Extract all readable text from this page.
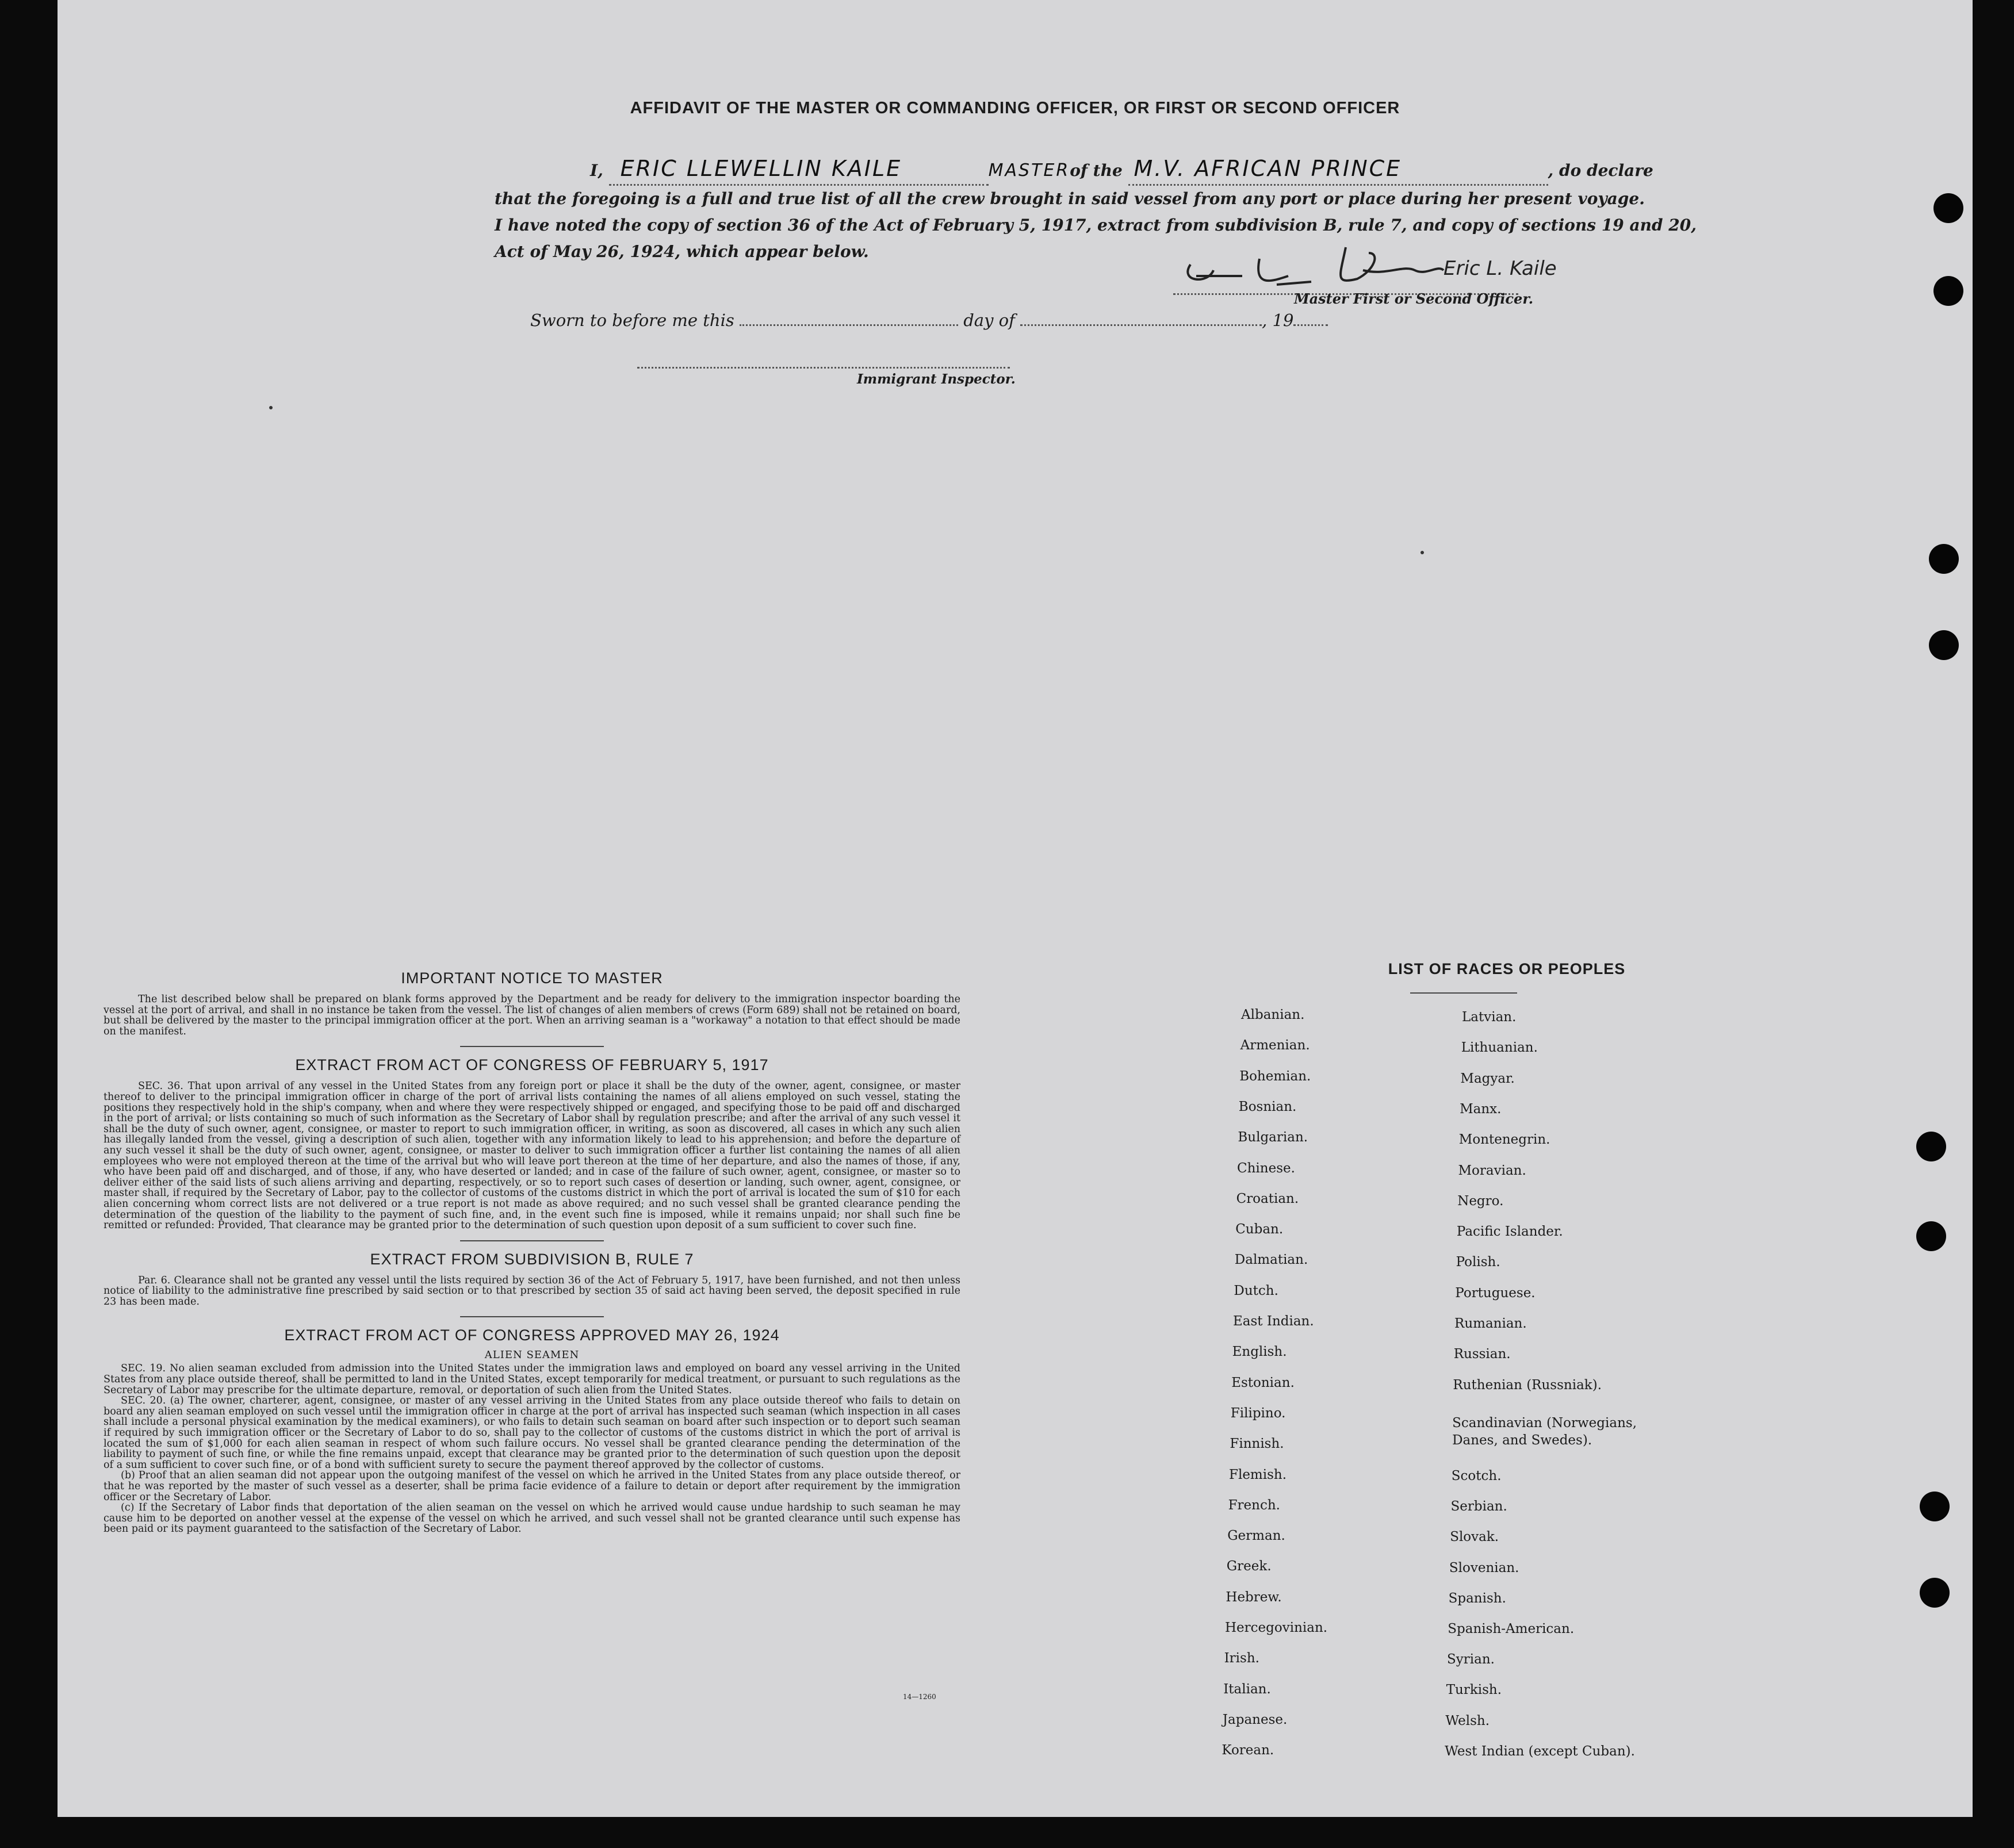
AFFIDAVIT OF THE MASTER OR COMMANDING OFFICER, OR FIRST OR SECOND OFFICER
I, ERIC LLEWELLIN KAILE	MASTERof the M.V. AFRICAN PRINCE	, do declare
that the foregoing is a full and true list of all the crew brought in said vessel from any port or place during her present voyage.
I have noted the copy of section 36 of the Act of February 5, 1917, extract from subdivision B, rule 7, and copy of sections 19 and 20,
Act of May 26, 1924, which appear below.
Eric L. Kaile
Master First or Second Officer.
Sworn to before me this	day of	, 19
Immigrant Inspector.
IMPORTANT NOTICE TO MASTER

The list described below shall be prepared on blank forms approved by the Department and be ready for delivery to the immigration inspector boarding the vessel at the port of arrival, and shall in no instance be taken from the vessel. The list of changes of alien members of crews (Form 689) shall not be retained on board, but shall be delivered by the master to the principal immigration officer at the port. When an arriving seaman is a "workaway" a notation to that effect should be made on the manifest.

EXTRACT FROM ACT OF CONGRESS OF FEBRUARY 5, 1917

SEC. 36. That upon arrival of any vessel in the United States from any foreign port or place it shall be the duty of the owner, agent, consignee, or master thereof to deliver to the principal immigration officer in charge of the port of arrival lists containing the names of all aliens employed on such vessel, stating the positions they respectively hold in the ship's company, when and where they were respectively shipped or engaged, and specifying those to be paid off and discharged in the port of arrival; or lists containing so much of such information as the Secretary of Labor shall by regulation prescribe; and after the arrival of any such vessel it shall be the duty of such owner, agent, consignee, or master to report to such immigration officer, in writing, as soon as discovered, all cases in which any such alien has illegally landed from the vessel, giving a description of such alien, together with any information likely to lead to his apprehension; and before the departure of any such vessel it shall be the duty of such owner, agent, consignee, or master to deliver to such immigration officer a further list containing the names of all alien employees who were not employed thereon at the time of the arrival but who will leave port thereon at the time of her departure, and also the names of those, if any, who have been paid off and discharged, and of those, if any, who have deserted or landed; and in case of the failure of such owner, agent, consignee, or master so to deliver either of the said lists of such aliens arriving and departing, respectively, or so to report such cases of desertion or landing, such owner, agent, consignee, or master shall, if required by the Secretary of Labor, pay to the collector of customs of the customs district in which the port of arrival is located the sum of $10 for each alien concerning whom correct lists are not delivered or a true report is not made as above required; and no such vessel shall be granted clearance pending the determination of the question of the liability to the payment of such fine, and, in the event such fine is imposed, while it remains unpaid; nor shall such fine be remitted or refunded: Provided, That clearance may be granted prior to the determination of such question upon deposit of a sum sufficient to cover such fine.

EXTRACT FROM SUBDIVISION B, RULE 7

Par. 6. Clearance shall not be granted any vessel until the lists required by section 36 of the Act of February 5, 1917, have been furnished, and not then unless notice of liability to the administrative fine prescribed by said section or to that prescribed by section 35 of said act having been served, the deposit specified in rule 23 has been made.

EXTRACT FROM ACT OF CONGRESS APPROVED MAY 26, 1924
ALIEN SEAMEN

SEC. 19. No alien seaman excluded from admission into the United States under the immigration laws and employed on board any vessel arriving in the United States from any place outside thereof, shall be permitted to land in the United States, except temporarily for medical treatment, or pursuant to such regulations as the Secretary of Labor may prescribe for the ultimate departure, removal, or deportation of such alien from the United States.

SEC. 20. (a) The owner, charterer, agent, consignee, or master of any vessel arriving in the United States from any place outside thereof who fails to detain on board any alien seaman employed on such vessel until the immigration officer in charge at the port of arrival has inspected such seaman (which inspection in all cases shall include a personal physical examination by the medical examiners), or who fails to detain such seaman on board after such inspection or to deport such seaman if required by such immigration officer or the Secretary of Labor to do so, shall pay to the collector of customs of the customs district in which the port of arrival is located the sum of $1,000 for each alien seaman in respect of whom such failure occurs. No vessel shall be granted clearance pending the determination of the liability to payment of such fine, or while the fine remains unpaid, except that clearance may be granted prior to the determination of such question upon the deposit of a sum sufficient to cover such fine, or of a bond with sufficient surety to secure the payment thereof approved by the collector of customs.

(b) Proof that an alien seaman did not appear upon the outgoing manifest of the vessel on which he arrived in the United States from any place outside thereof, or that he was reported by the master of such vessel as a deserter, shall be prima facie evidence of a failure to detain or deport after requirement by the immigration officer or the Secretary of Labor.

(c) If the Secretary of Labor finds that deportation of the alien seaman on the vessel on which he arrived would cause undue hardship to such seaman he may cause him to be deported on another vessel at the expense of the vessel on which he arrived, and such vessel shall not be granted clearance until such expense has been paid or its payment guaranteed to the satisfaction of the Secretary of Labor.

14—1260
LIST OF RACES OR PEOPLES
Albanian.
Armenian.
Bohemian.
Bosnian.
Bulgarian.
Chinese.
Croatian.
Cuban.
Dalmatian.
Dutch.
East Indian.
English.
Estonian.
Filipino.
Finnish.
Flemish.
French.
German.
Greek.
Hebrew.
Hercegovinian.
Irish.
Italian.
Japanese.
Korean.
Latvian.
Lithuanian.
Magyar.
Manx.
Montenegrin.
Moravian.
Negro.
Pacific Islander.
Polish.
Portuguese.
Rumanian.
Russian.
Ruthenian (Russniak).
Scandinavian (Norwegians, Danes, and Swedes).
Scotch.
Serbian.
Slovak.
Slovenian.
Spanish.
Spanish-American.
Syrian.
Turkish.
Welsh.
West Indian (except Cuban).
